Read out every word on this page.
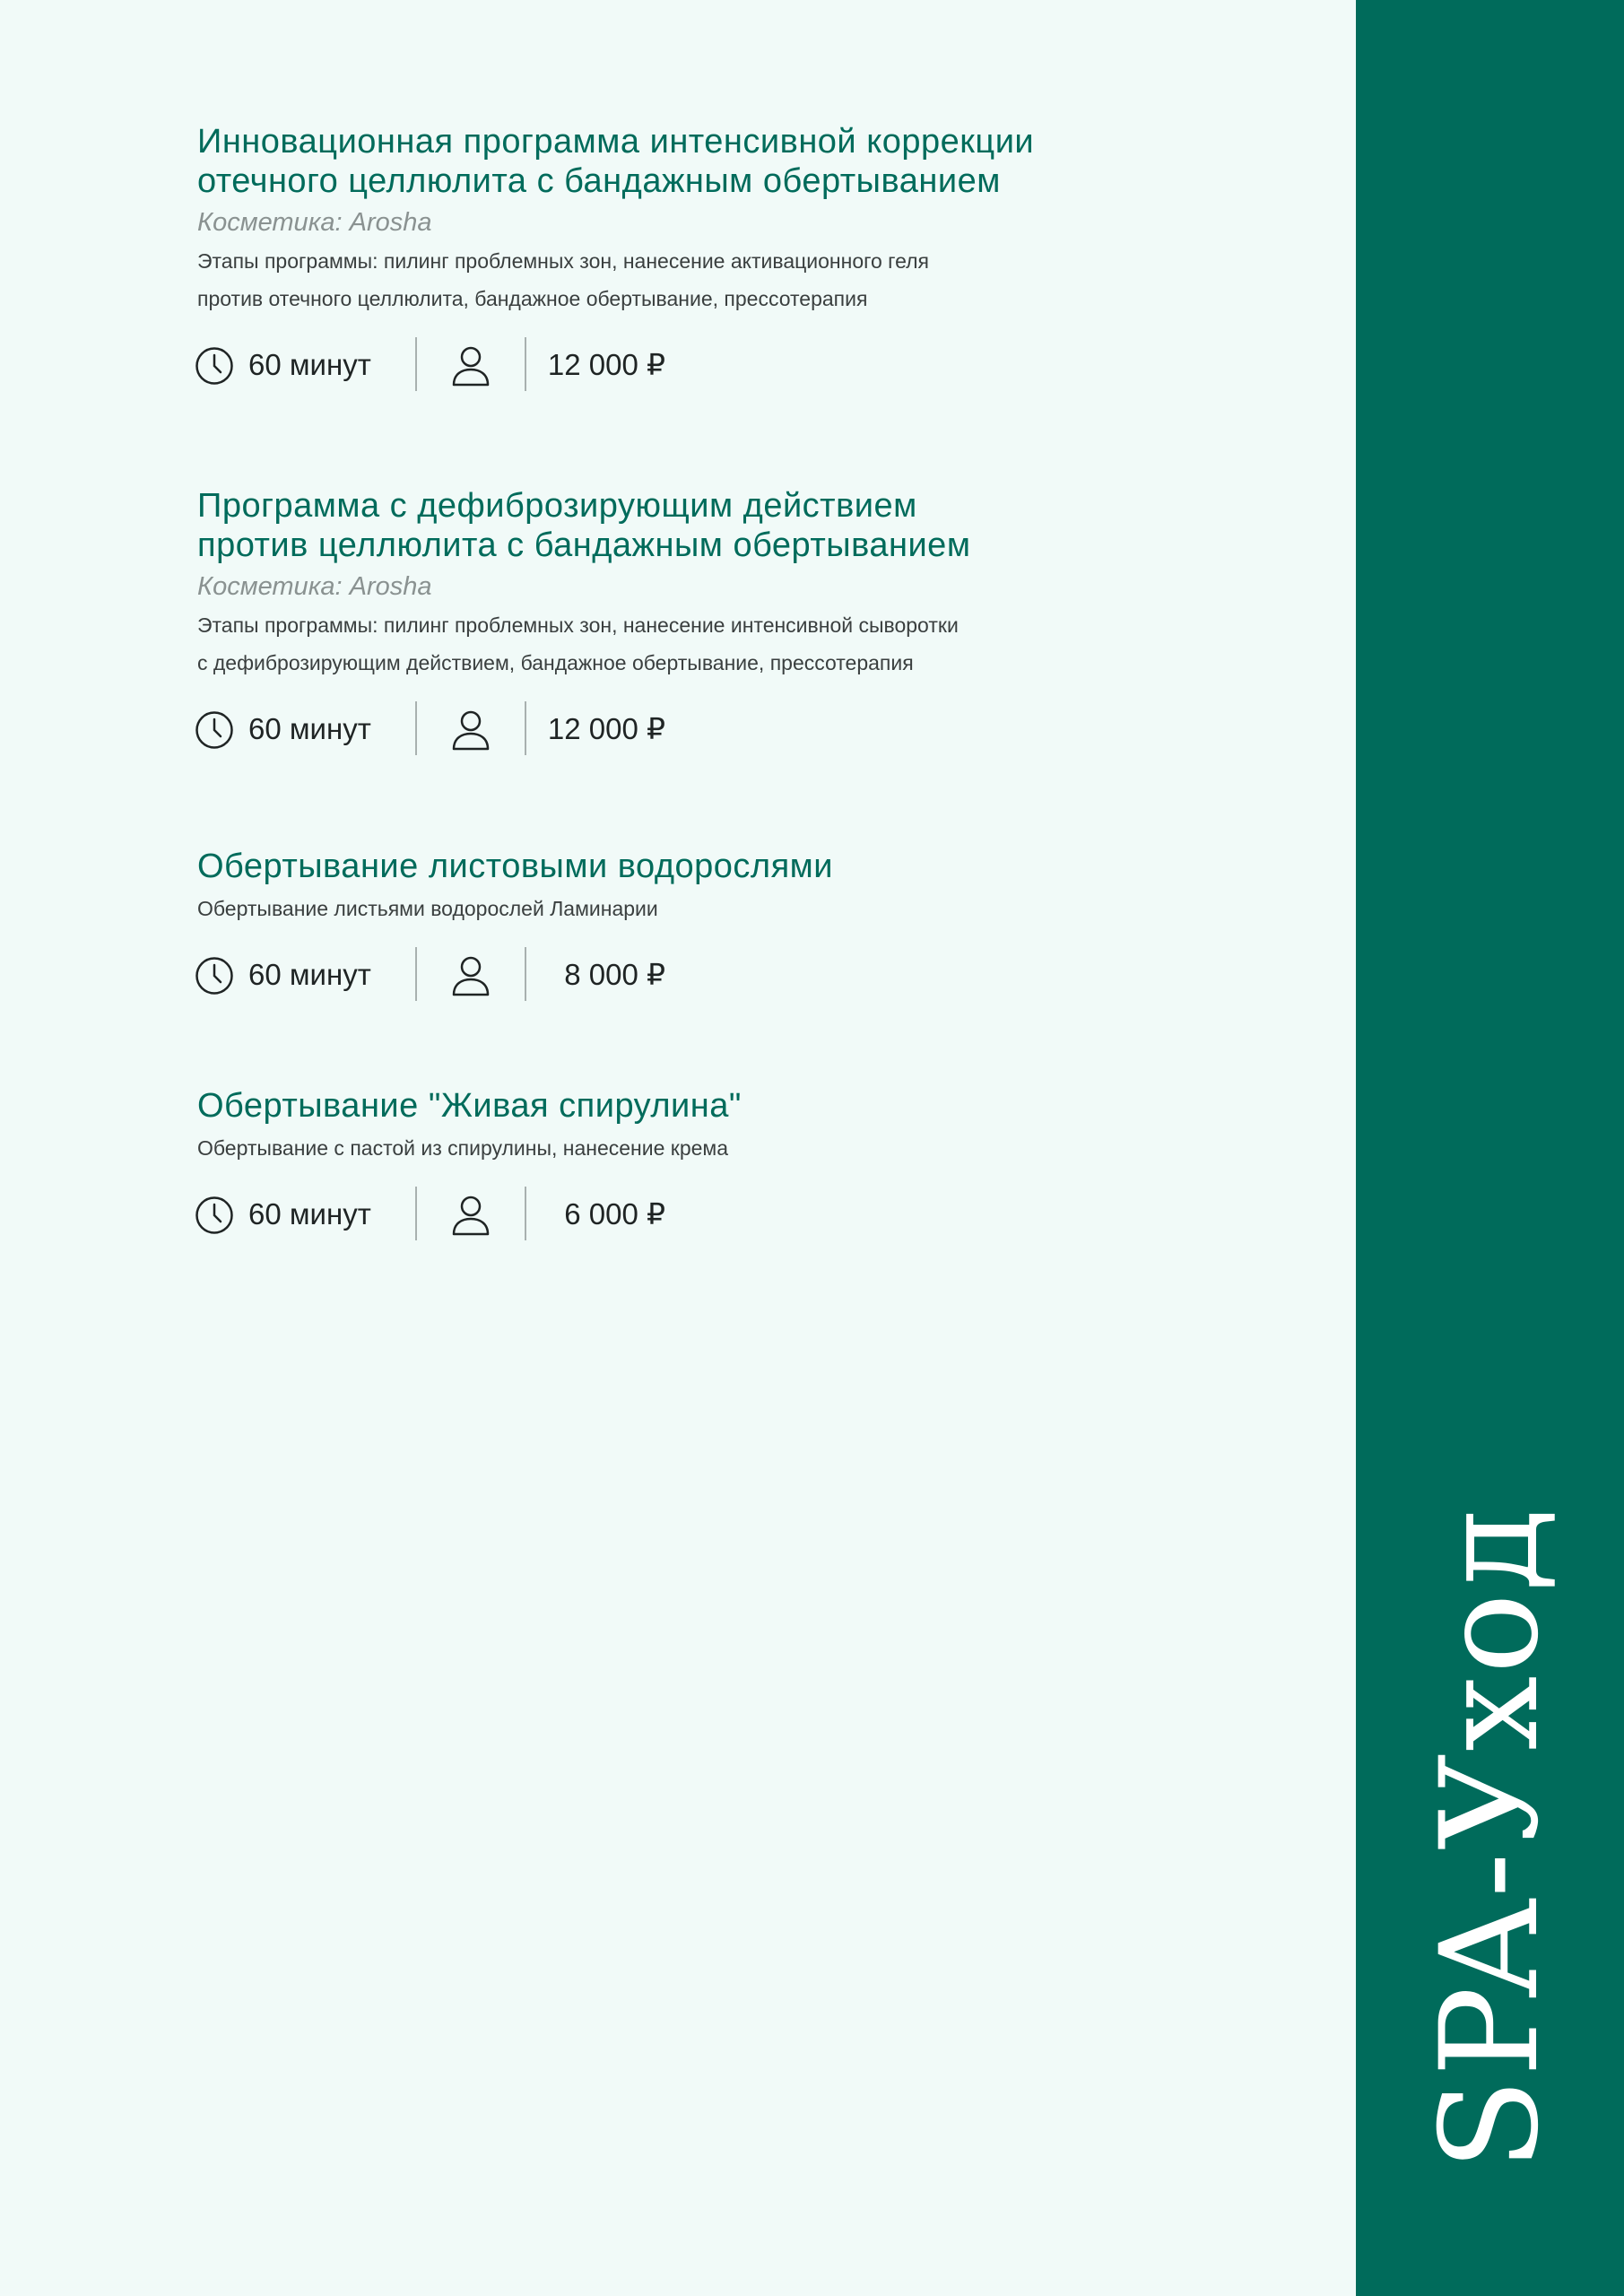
Инновационная программа интенсивной коррекции
отечного целлюлита с бандажным обертыванием

Косметика: Arosha

Этапы программы: пилинг проблемных зон, нанесение активационного геля
против отечного целлюлита, бандажное обертывание, прессотерапия

60 минут	12 000 ₽
Программа с дефиброзирующим действием
против целлюлита с бандажным обертыванием

Косметика: Arosha

Этапы программы: пилинг проблемных зон, нанесение интенсивной сыворотки
с дефиброзирующим действием, бандажное обертывание, прессотерапия

60 минут	12 000 ₽
Обертывание листовыми водорослями

Обертывание листьями водорослей Ламинарии

60 минут	8 000 ₽
Обертывание "Живая спирулина"

Обертывание с пастой из спирулины, нанесение крема

60 минут	6 000 ₽
SPA-Уход
